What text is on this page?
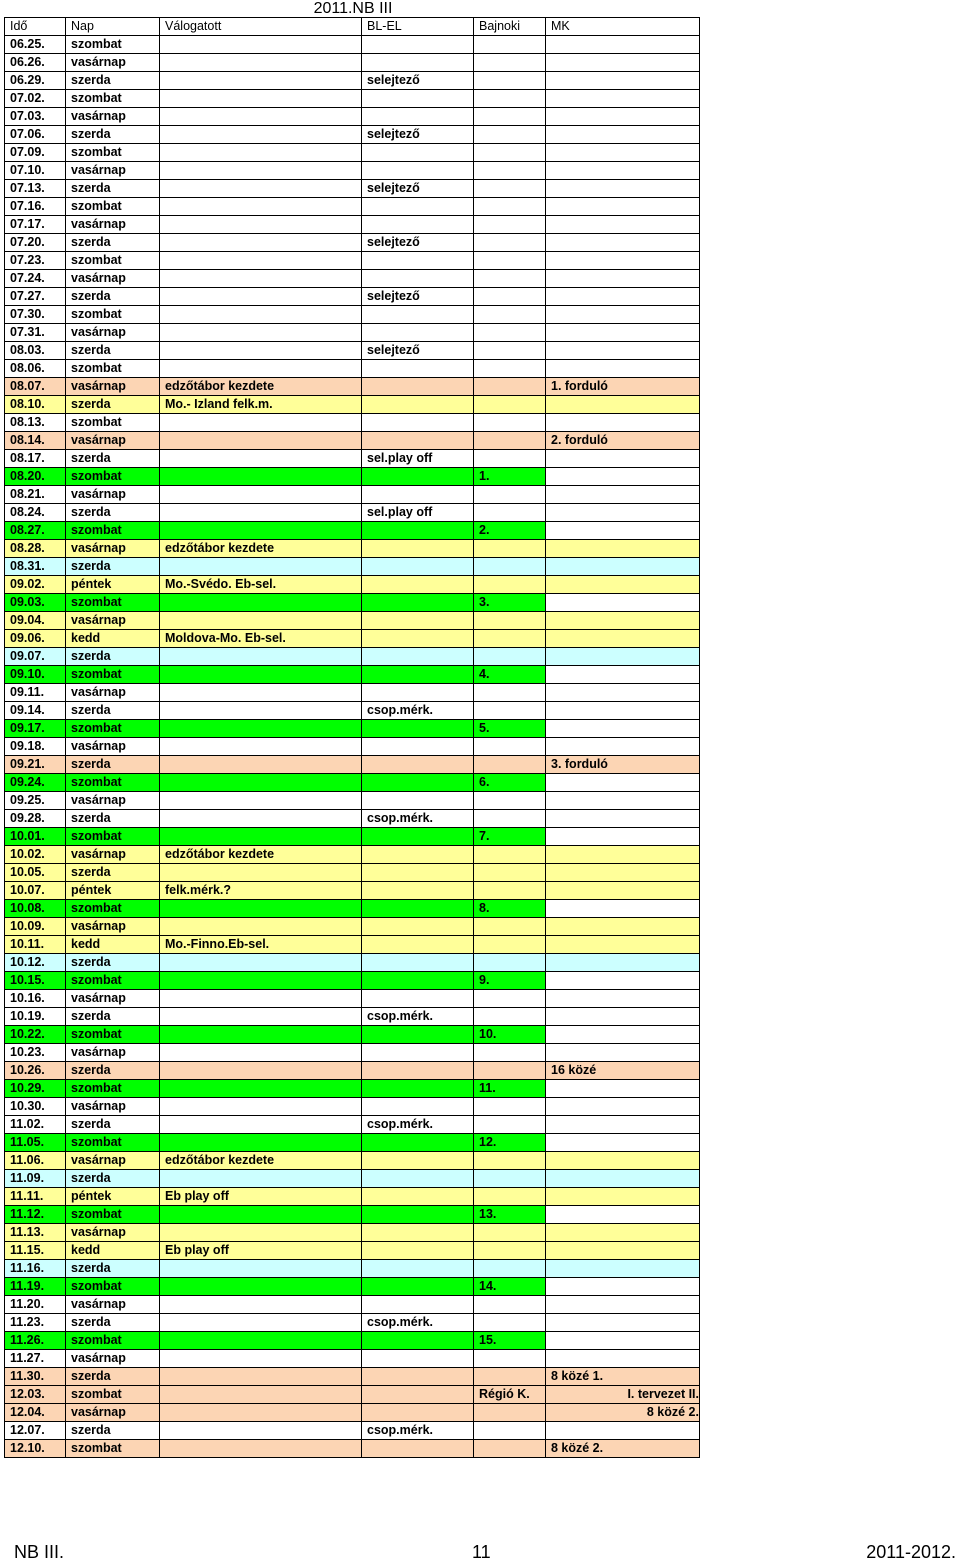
2011.NB III
Idő	Nap	Válogatott	BL-EL	Bajnoki	MK
06.25.	szombat				
06.26.	vasárnap				
06.29.	szerda		selejtező		
07.02.	szombat				
07.03.	vasárnap				
07.06.	szerda		selejtező		
07.09.	szombat				
07.10.	vasárnap				
07.13.	szerda		selejtező		
07.16.	szombat				
07.17.	vasárnap				
07.20.	szerda		selejtező		
07.23.	szombat				
07.24.	vasárnap				
07.27.	szerda		selejtező		
07.30.	szombat				
07.31.	vasárnap				
08.03.	szerda		selejtező		
08.06.	szombat				
08.07.	vasárnap	edzőtábor kezdete			1. forduló
08.10.	szerda	Mo.- Izland felk.m.			
08.13.	szombat				
08.14.	vasárnap				2. forduló
08.17.	szerda		sel.play off		
08.20.	szombat			1.	
08.21.	vasárnap				
08.24.	szerda		sel.play off		
08.27.	szombat			2.	
08.28.	vasárnap	edzőtábor kezdete			
08.31.	szerda				
09.02.	péntek	Mo.-Svédo. Eb-sel.			
09.03.	szombat			3.	
09.04.	vasárnap				
09.06.	kedd	Moldova-Mo. Eb-sel.			
09.07.	szerda				
09.10.	szombat			4.	
09.11.	vasárnap				
09.14.	szerda		csop.mérk.		
09.17.	szombat			5.	
09.18.	vasárnap				
09.21.	szerda				3. forduló
09.24.	szombat			6.	
09.25.	vasárnap				
09.28.	szerda		csop.mérk.		
10.01.	szombat			7.	
10.02.	vasárnap	edzőtábor kezdete			
10.05.	szerda				
10.07.	péntek	felk.mérk.?			
10.08.	szombat			8.	
10.09.	vasárnap				
10.11.	kedd	Mo.-Finno.Eb-sel.			
10.12.	szerda				
10.15.	szombat			9.	
10.16.	vasárnap				
10.19.	szerda		csop.mérk.		
10.22.	szombat			10.	
10.23.	vasárnap				
10.26.	szerda				16 közé
10.29.	szombat			11.	
10.30.	vasárnap				
11.02.	szerda		csop.mérk.		
11.05.	szombat			12.	
11.06.	vasárnap	edzőtábor kezdete			
11.09.	szerda				
11.11.	péntek	Eb play off			
11.12.	szombat			13.	
11.13.	vasárnap				
11.15.	kedd	Eb play off			
11.16.	szerda				
11.19.	szombat			14.	
11.20.	vasárnap				
11.23.	szerda		csop.mérk.		
11.26.	szombat			15.	
11.27.	vasárnap				
11.30.	szerda				8 közé 1.
12.03.	szombat			Régió K.	I. tervezet II.
12.04.	vasárnap				8 közé 2.
12.07.	szerda		csop.mérk.		
12.10.	szombat				8 közé 2.
NB III.	11	2011-2012.
